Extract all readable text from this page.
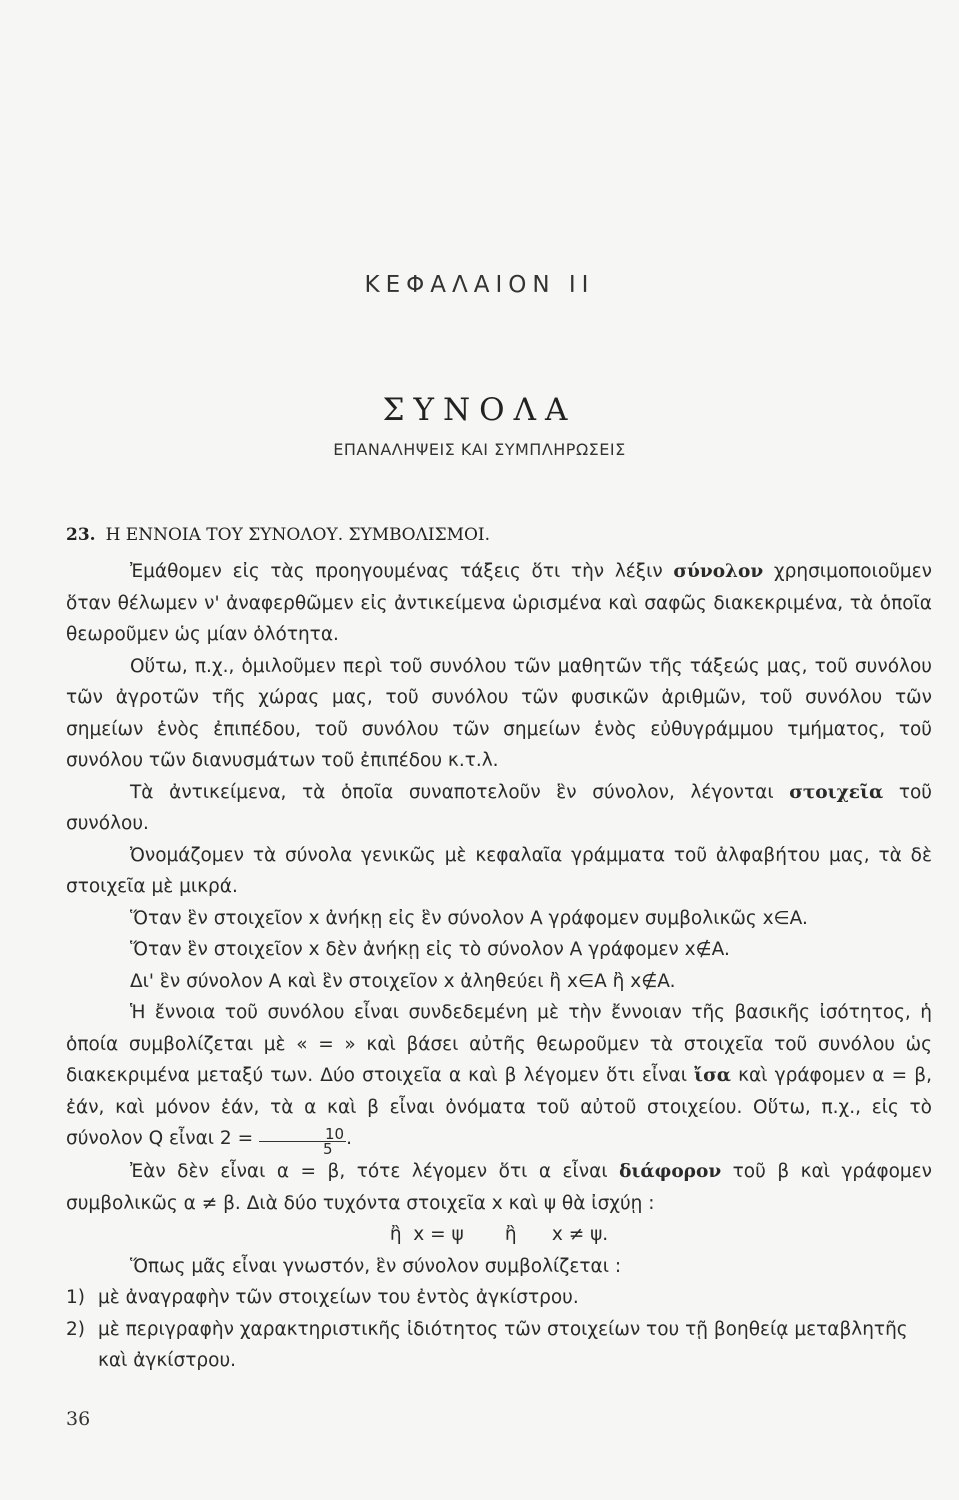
ΚΕΦΑΛΑΙΟΝ ΙΙ
ΣΥΝΟΛΑ
ΕΠΑΝΑΛΗΨΕΙΣ ΚΑΙ ΣΥΜΠΛΗΡΩΣΕΙΣ
23. Η ΕΝΝΟΙΑ ΤΟΥ ΣΥΝΟΛΟΥ. ΣΥΜΒΟΛΙΣΜΟΙ.

Ἐμάθομεν εἰς τὰς προηγουμένας τάξεις ὅτι τὴν λέξιν σύνολον χρησιμοποιοῦμεν ὅταν θέλωμεν ν' ἀναφερθῶμεν εἰς ἀντικείμενα ὡρισμένα καὶ σαφῶς διακεκριμένα, τὰ ὁποῖα θεωροῦμεν ὡς μίαν ὁλότητα.

Οὕτω, π.χ., ὁμιλοῦμεν περὶ τοῦ συνόλου τῶν μαθητῶν τῆς τάξεώς μας, τοῦ συνόλου τῶν ἀγροτῶν τῆς χώρας μας, τοῦ συνόλου τῶν φυσικῶν ἀριθμῶν, τοῦ συνόλου τῶν σημείων ἑνὸς ἐπιπέδου, τοῦ συνόλου τῶν σημείων ἑνὸς εὐθυγράμμου τμήματος, τοῦ συνόλου τῶν διανυσμάτων τοῦ ἐπιπέδου κ.τ.λ.

Τὰ ἀντικείμενα, τὰ ὁποῖα συναποτελοῦν ἓν σύνολον, λέγονται στοιχεῖα τοῦ συνόλου.

Ὀνομάζομεν τὰ σύνολα γενικῶς μὲ κεφαλαῖα γράμματα τοῦ ἀλφαβήτου μας, τὰ δὲ στοιχεῖα μὲ μικρά.

Ὅταν ἓν στοιχεῖον x ἀνήκῃ εἰς ἓν σύνολον Α γράφομεν συμβολικῶς x∈A.

Ὅταν ἓν στοιχεῖον x δὲν ἀνήκῃ εἰς τὸ σύνολον Α γράφομεν x∉A.

Δι' ἓν σύνολον Α καὶ ἓν στοιχεῖον x ἀληθεύει ἢ x∈A ἢ x∉A.

Ἡ ἔννοια τοῦ συνόλου εἶναι συνδεδεμένη μὲ τὴν ἔννοιαν τῆς βασικῆς ἰσότητος, ἡ ὁποία συμβολίζεται μὲ « = » καὶ βάσει αὐτῆς θεωροῦμεν τὰ στοιχεῖα τοῦ συνόλου ὡς διακεκριμένα μεταξύ των. Δύο στοιχεῖα α καὶ β λέγομεν ὅτι εἶναι ἴσα καὶ γράφομεν α = β, ἐάν, καὶ μόνον ἐάν, τὰ α καὶ β εἶναι ὀνόματα τοῦ αὐτοῦ στοιχείου. Οὕτω, π.χ., εἰς τὸ σύνολον Q εἶναι $2 = \frac{10}{5}$ .

Ἐὰν δὲν εἶναι α = β, τότε λέγομεν ὅτι α εἶναι διάφορον τοῦ β καὶ γράφομεν συμβολικῶς α ≠ β. Διὰ δύο τυχόντα στοιχεῖα x καὶ ψ θὰ ἰσχύῃ :

ἢ  x = ψ       ἢ      x ≠ ψ.

Ὅπως μᾶς εἶναι γνωστόν, ἓν σύνολον συμβολίζεται :

1) μὲ ἀναγραφὴν τῶν στοιχείων του ἐντὸς ἀγκίστρου.
2) μὲ περιγραφὴν χαρακτηριστικῆς ἰδιότητος τῶν στοιχείων του τῇ βοηθείᾳ μεταβλητῆς καὶ ἀγκίστρου.
36
